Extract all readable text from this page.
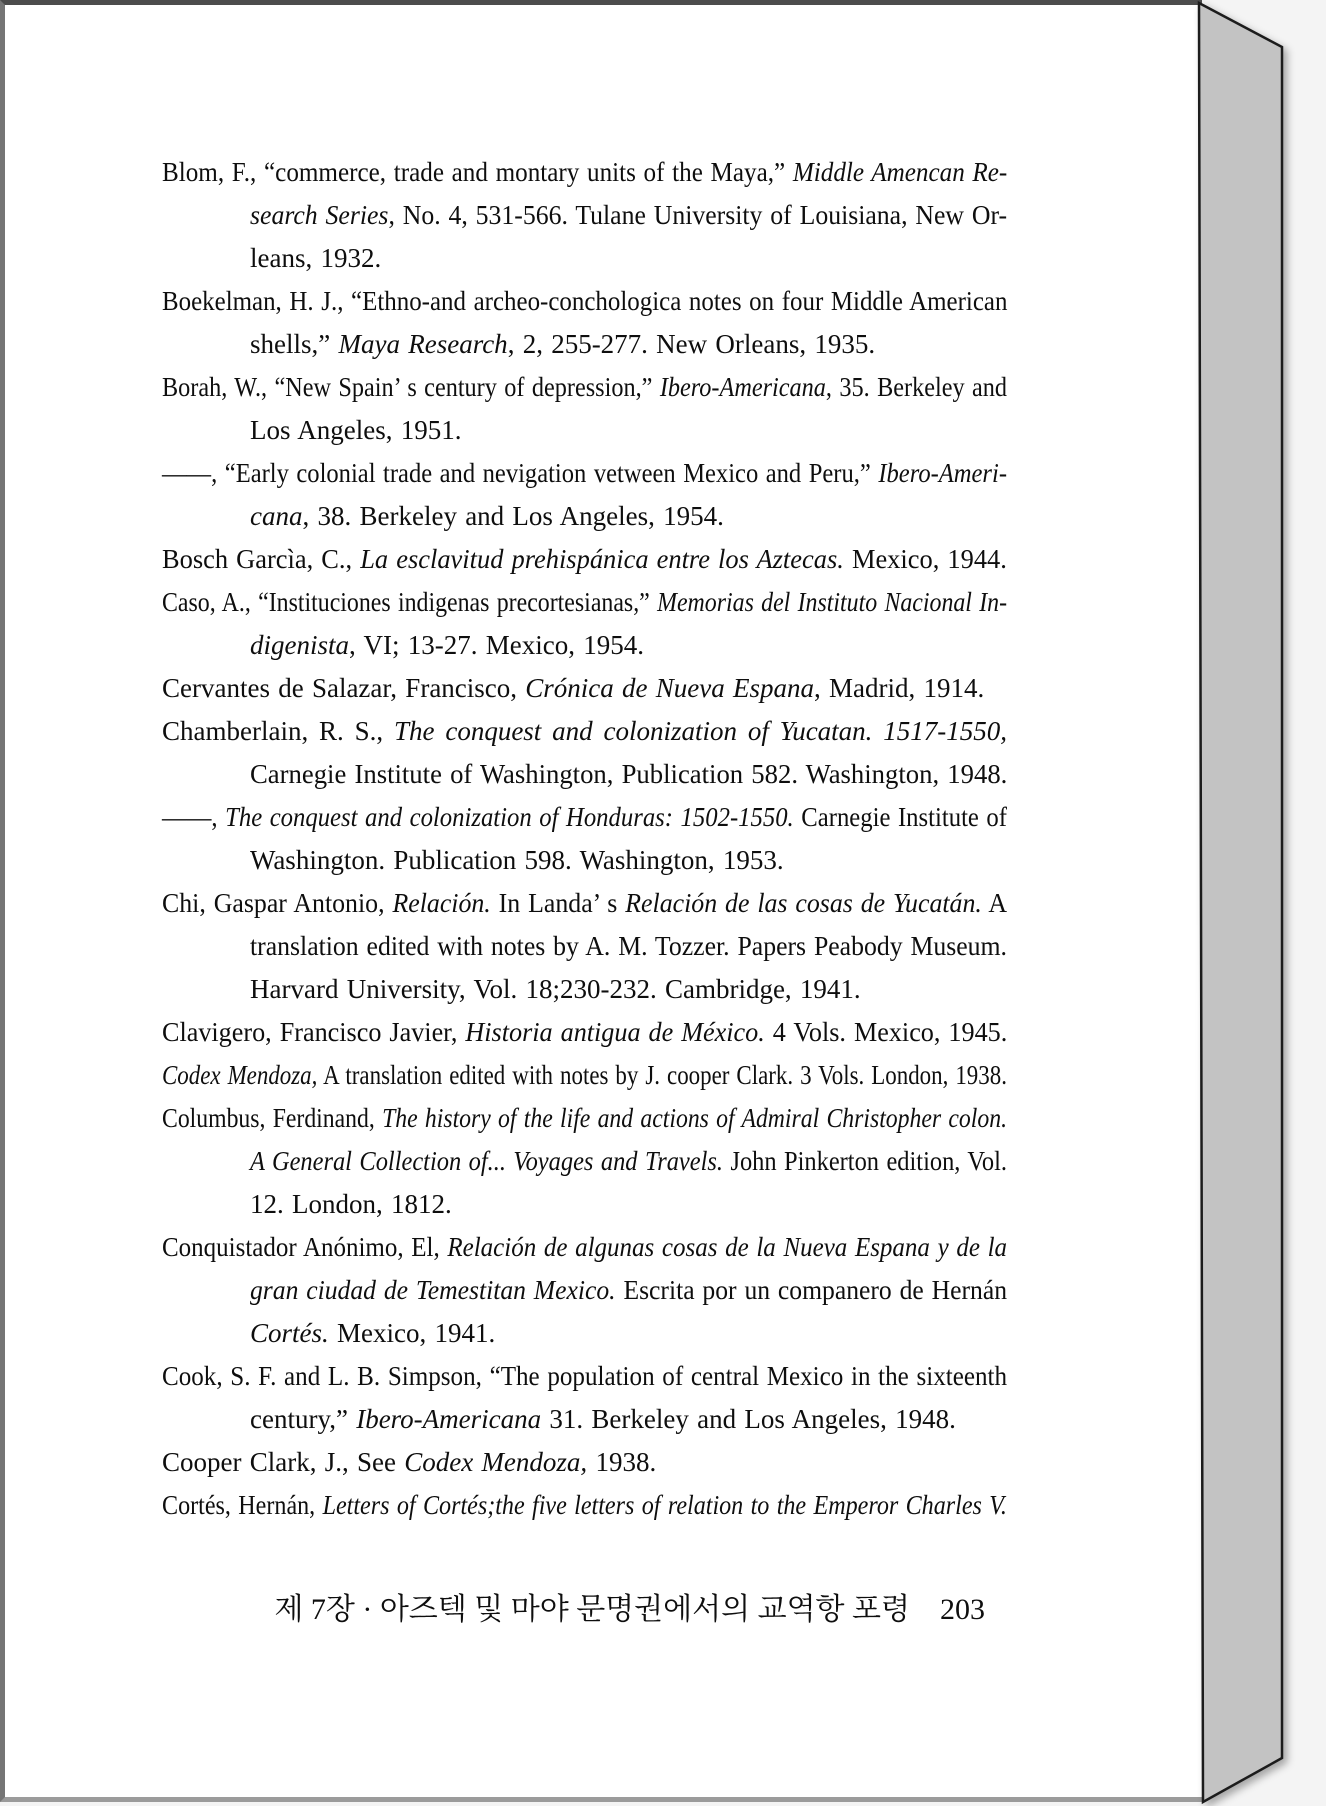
Blom, F., “commerce, trade and montary units of the Maya,” Middle Amencan Re-
search Series, No. 4, 531-566. Tulane University of Louisiana, New Or-
leans, 1932.
Boekelman, H. J., “Ethno-and archeo-conchologica notes on four Middle American
shells,” Maya Research, 2, 255-277. New Orleans, 1935.
Borah, W., “New Spain’ s century of depression,” Ibero-Americana, 35. Berkeley and
Los Angeles, 1951.
——, “Early colonial trade and nevigation vetween Mexico and Peru,” Ibero-Ameri-
cana, 38. Berkeley and Los Angeles, 1954.
Bosch Garcìa, C., La esclavitud prehispánica entre los Aztecas. Mexico, 1944.
Caso, A., “Instituciones indigenas precortesianas,” Memorias del Instituto Nacional In-
digenista, VI; 13-27. Mexico, 1954.
Cervantes de Salazar, Francisco, Crónica de Nueva Espana, Madrid, 1914.
Chamberlain, R. S., The conquest and colonization of Yucatan. 1517-1550,
Carnegie Institute of Washington, Publication 582. Washington, 1948.
——, The conquest and colonization of Honduras: 1502-1550. Carnegie Institute of
Washington. Publication 598. Washington, 1953.
Chi, Gaspar Antonio, Relación. In Landa’ s Relación de las cosas de Yucatán. A
translation edited with notes by A. M. Tozzer. Papers Peabody Museum.
Harvard University, Vol. 18;230-232. Cambridge, 1941.
Clavigero, Francisco Javier, Historia antigua de México. 4 Vols. Mexico, 1945.
Codex Mendoza, A translation edited with notes by J. cooper Clark. 3 Vols. London, 1938.
Columbus, Ferdinand, The history of the life and actions of Admiral Christopher colon.
A General Collection of... Voyages and Travels. John Pinkerton edition, Vol.
12. London, 1812.
Conquistador Anónimo, El, Relación de algunas cosas de la Nueva Espana y de la
gran ciudad de Temestitan Mexico. Escrita por un companero de Hernán
Cortés. Mexico, 1941.
Cook, S. F. and L. B. Simpson, “The population of central Mexico in the sixteenth
century,” Ibero-Americana 31. Berkeley and Los Angeles, 1948.
Cooper Clark, J., See Codex Mendoza, 1938.
Cortés, Hernán, Letters of Cortés;the five letters of relation to the Emperor Charles V.
제 7장 · 아즈텍 및 마야 문명권에서의 교역항 포령 203
